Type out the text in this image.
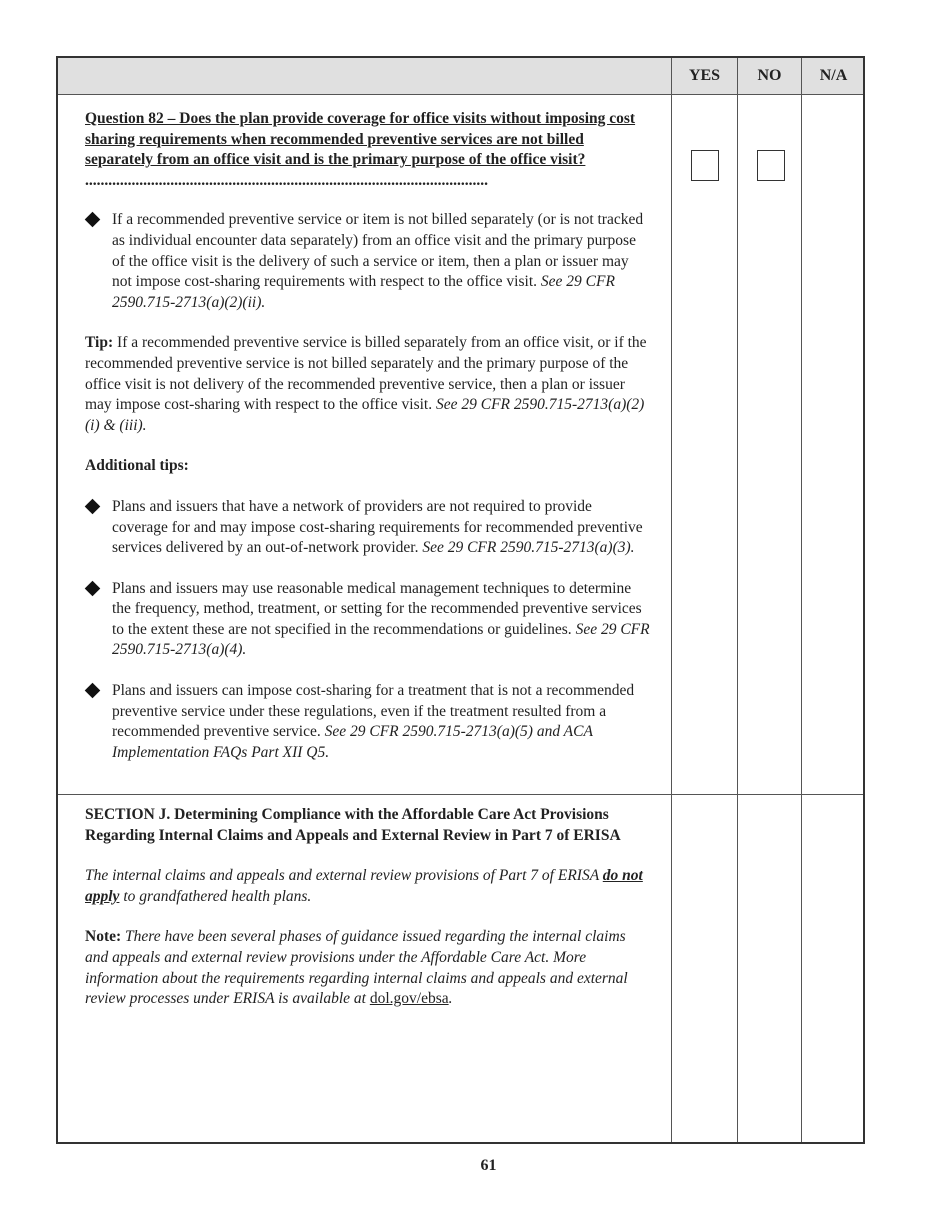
YES	NO	N/A
Question 82 – Does the plan provide coverage for office visits without imposing cost sharing requirements when recommended preventive services are not billed separately from an office visit and is the primary purpose of the office visit? ........................................................................................................
If a recommended preventive service or item is not billed separately (or is not tracked as individual encounter data separately) from an office visit and the primary purpose of the office visit is the delivery of such a service or item, then a plan or issuer may not impose cost-sharing requirements with respect to the office visit. See 29 CFR 2590.715-2713(a)(2)(ii).
Tip: If a recommended preventive service is billed separately from an office visit, or if the recommended preventive service is not billed separately and the primary purpose of the office visit is not delivery of the recommended preventive service, then a plan or issuer may impose cost-sharing with respect to the office visit. See 29 CFR 2590.715-2713(a)(2)(i) & (iii).
Additional tips:
Plans and issuers that have a network of providers are not required to provide coverage for and may impose cost-sharing requirements for recommended preventive services delivered by an out-of-network provider. See 29 CFR 2590.715-2713(a)(3).
Plans and issuers may use reasonable medical management techniques to determine the frequency, method, treatment, or setting for the recommended preventive services to the extent these are not specified in the recommendations or guidelines. See 29 CFR 2590.715-2713(a)(4).
Plans and issuers can impose cost-sharing for a treatment that is not a recommended preventive service under these regulations, even if the treatment resulted from a recommended preventive service. See 29 CFR 2590.715-2713(a)(5) and ACA Implementation FAQs Part XII Q5.
SECTION J. Determining Compliance with the Affordable Care Act Provisions Regarding Internal Claims and Appeals and External Review in Part 7 of ERISA
The internal claims and appeals and external review provisions of Part 7 of ERISA do not apply to grandfathered health plans.
Note: There have been several phases of guidance issued regarding the internal claims and appeals and external review provisions under the Affordable Care Act. More information about the requirements regarding internal claims and appeals and external review processes under ERISA is available at dol.gov/ebsa.
61
